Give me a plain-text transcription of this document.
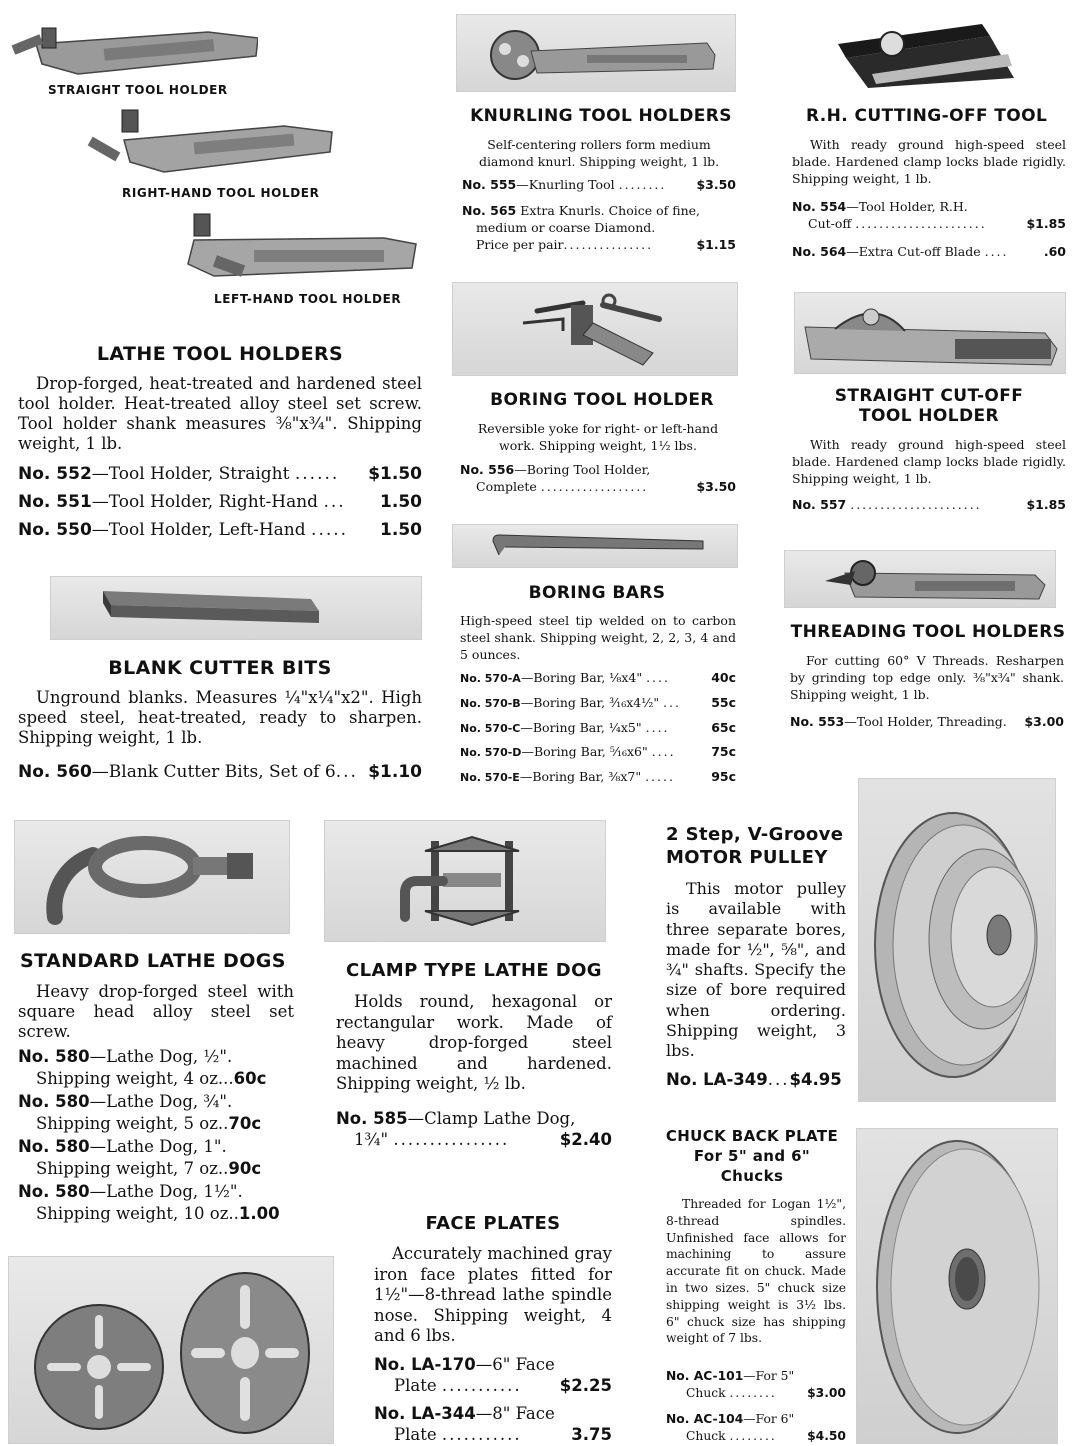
STRAIGHT TOOL HOLDER
RIGHT-HAND TOOL HOLDER
LEFT-HAND TOOL HOLDER
LATHE TOOL HOLDERS
Drop-forged, heat-treated and hardened steel tool holder. Heat-treated alloy steel set screw. Tool holder shank measures ⅜"x¾". Shipping weight, 1 lb.
No. 552—Tool Holder, Straight ...... $1.50
No. 551—Tool Holder, Right-Hand ... 1.50
No. 550—Tool Holder, Left-Hand ..... 1.50
BLANK CUTTER BITS
Unground blanks. Measures ¼"x¼"x2". High speed steel, heat-treated, ready to sharpen. Shipping weight, 1 lb.
No. 560—Blank Cutter Bits, Set of 6... $1.10
STANDARD LATHE DOGS
Heavy drop-forged steel with square head alloy steel set screw.
No. 580—Lathe Dog, ½".
Shipping weight, 4 oz...60c
No. 580—Lathe Dog, ¾".
Shipping weight, 5 oz..70c
No. 580—Lathe Dog, 1".
Shipping weight, 7 oz..90c
No. 580—Lathe Dog, 1½".
Shipping weight, 10 oz..1.00
KNURLING TOOL HOLDERS
Self-centering rollers form medium diamond knurl. Shipping weight, 1 lb.
No. 555—Knurling Tool ........ $3.50
No. 565 Extra Knurls. Choice of fine,
medium or coarse Diamond.
Price per pair...............	$1.15
BORING TOOL HOLDER
Reversible yoke for right- or left-hand work. Shipping weight, 1½ lbs.
No. 556—Boring Tool Holder,
Complete ..................	$3.50
BORING BARS
High-speed steel tip welded on to carbon steel shank. Shipping weight, 2, 2, 3, 4 and 5 ounces.
No. 570-A—Boring Bar, ⅛x4" ....	40c
No. 570-B—Boring Bar, ³⁄₁₆x4½" ... 55c
No. 570-C—Boring Bar, ¼x5" ....	65c
No. 570-D—Boring Bar, ⁵⁄₁₆x6" ....	75c
No. 570-E—Boring Bar, ⅜x7" .....	95c
CLAMP TYPE LATHE DOG
Holds round, hexagonal or rectangular work. Made of heavy drop-forged steel machined and hardened. Shipping weight, ½ lb.
No. 585—Clamp Lathe Dog,
1¾" ................	$2.40
FACE PLATES
Accurately machined gray iron face plates fitted for 1½"—8-thread lathe spindle nose. Shipping weight, 4 and 6 lbs.
No. LA-170—6" Face
Plate ........... $2.25
No. LA-344—8" Face
Plate ...........	3.75
R.H. CUTTING-OFF TOOL
With ready ground high-speed steel blade. Hardened clamp locks blade rigidly. Shipping weight, 1 lb.
No. 554—Tool Holder, R.H.
Cut-off ......................	$1.85
No. 564—Extra Cut-off Blade ....	.60
STRAIGHT CUT-OFF
TOOL HOLDER
With ready ground high-speed steel blade. Hardened clamp locks blade rigidly. Shipping weight, 1 lb.
No. 557 ......................	$1.85
THREADING TOOL HOLDERS
For cutting 60° V Threads. Resharpen by grinding top edge only. ⅜"x¾" shank. Shipping weight, 1 lb.
No. 553—Tool Holder, Threading. $3.00
2 Step, V-Groove
MOTOR PULLEY
This motor pulley is available with three separate bores, made for ½", ⅝", and ¾" shafts. Specify the size of bore required when ordering. Shipping weight, 3 lbs.
No. LA-349...$4.95
CHUCK BACK PLATE
For 5" and 6"
Chucks
Threaded for Logan 1½", 8-thread spindles. Unfinished face allows for machining to assure accurate fit on chuck. Made in two sizes. 5" chuck size shipping weight is 3½ lbs. 6" chuck size has shipping weight of 7 lbs.
No. AC-101—For 5"
Chuck ........ $3.00
No. AC-104—For 6"
Chuck ........ $4.50
